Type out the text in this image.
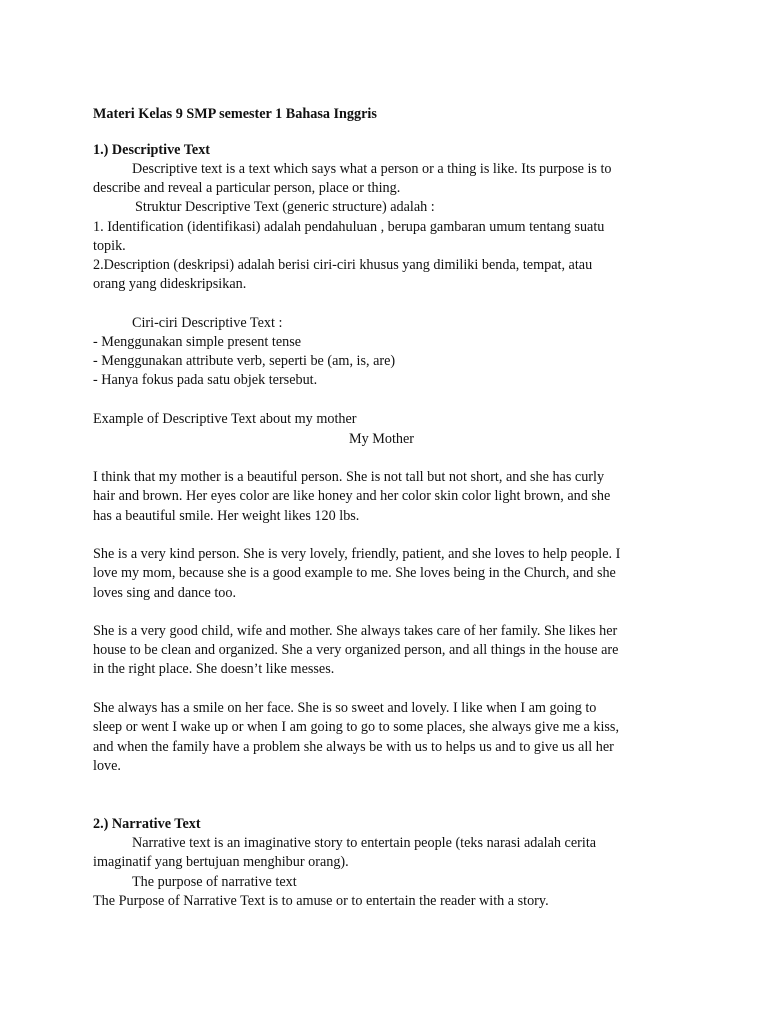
Materi Kelas 9 SMP semester 1 Bahasa Inggris
1.) Descriptive Text
Descriptive text is a text which says what a person or a thing is like. Its purpose is to
describe and reveal a particular person, place or thing.
Struktur Descriptive Text (generic structure) adalah :
1. Identification (identifikasi) adalah pendahuluan , berupa gambaran umum tentang suatu
topik.
2.Description (deskripsi) adalah berisi ciri-ciri khusus yang dimiliki benda, tempat, atau
orang yang dideskripsikan.
Ciri-ciri Descriptive Text :
- Menggunakan simple present tense
- Menggunakan attribute verb, seperti be (am, is, are)
- Hanya fokus pada satu objek tersebut.
Example of Descriptive Text about my mother
My Mother
I think that my mother is a beautiful person. She is not tall but not short, and she has curly
hair and brown. Her eyes color are like honey and her color skin color light brown, and she
has a beautiful smile. Her weight likes 120 lbs.
She is a very kind person. She is very lovely, friendly, patient, and she loves to help people. I
love my mom, because she is a good example to me. She loves being in the Church, and she
loves sing and dance too.
She is a very good child, wife and mother. She always takes care of her family. She likes her
house to be clean and organized. She a very organized person, and all things in the house are
in the right place. She doesn’t like messes.
She always has a smile on her face. She is so sweet and lovely. I like when I am going to
sleep or went I wake up or when I am going to go to some places, she always give me a kiss,
and when the family have a problem she always be with us to helps us and to give us all her
love.
2.) Narrative Text
Narrative text is an imaginative story to entertain people (teks narasi adalah cerita
imaginatif yang bertujuan menghibur orang).
The purpose of narrative text
The Purpose of Narrative Text is to amuse or to entertain the reader with a story.
